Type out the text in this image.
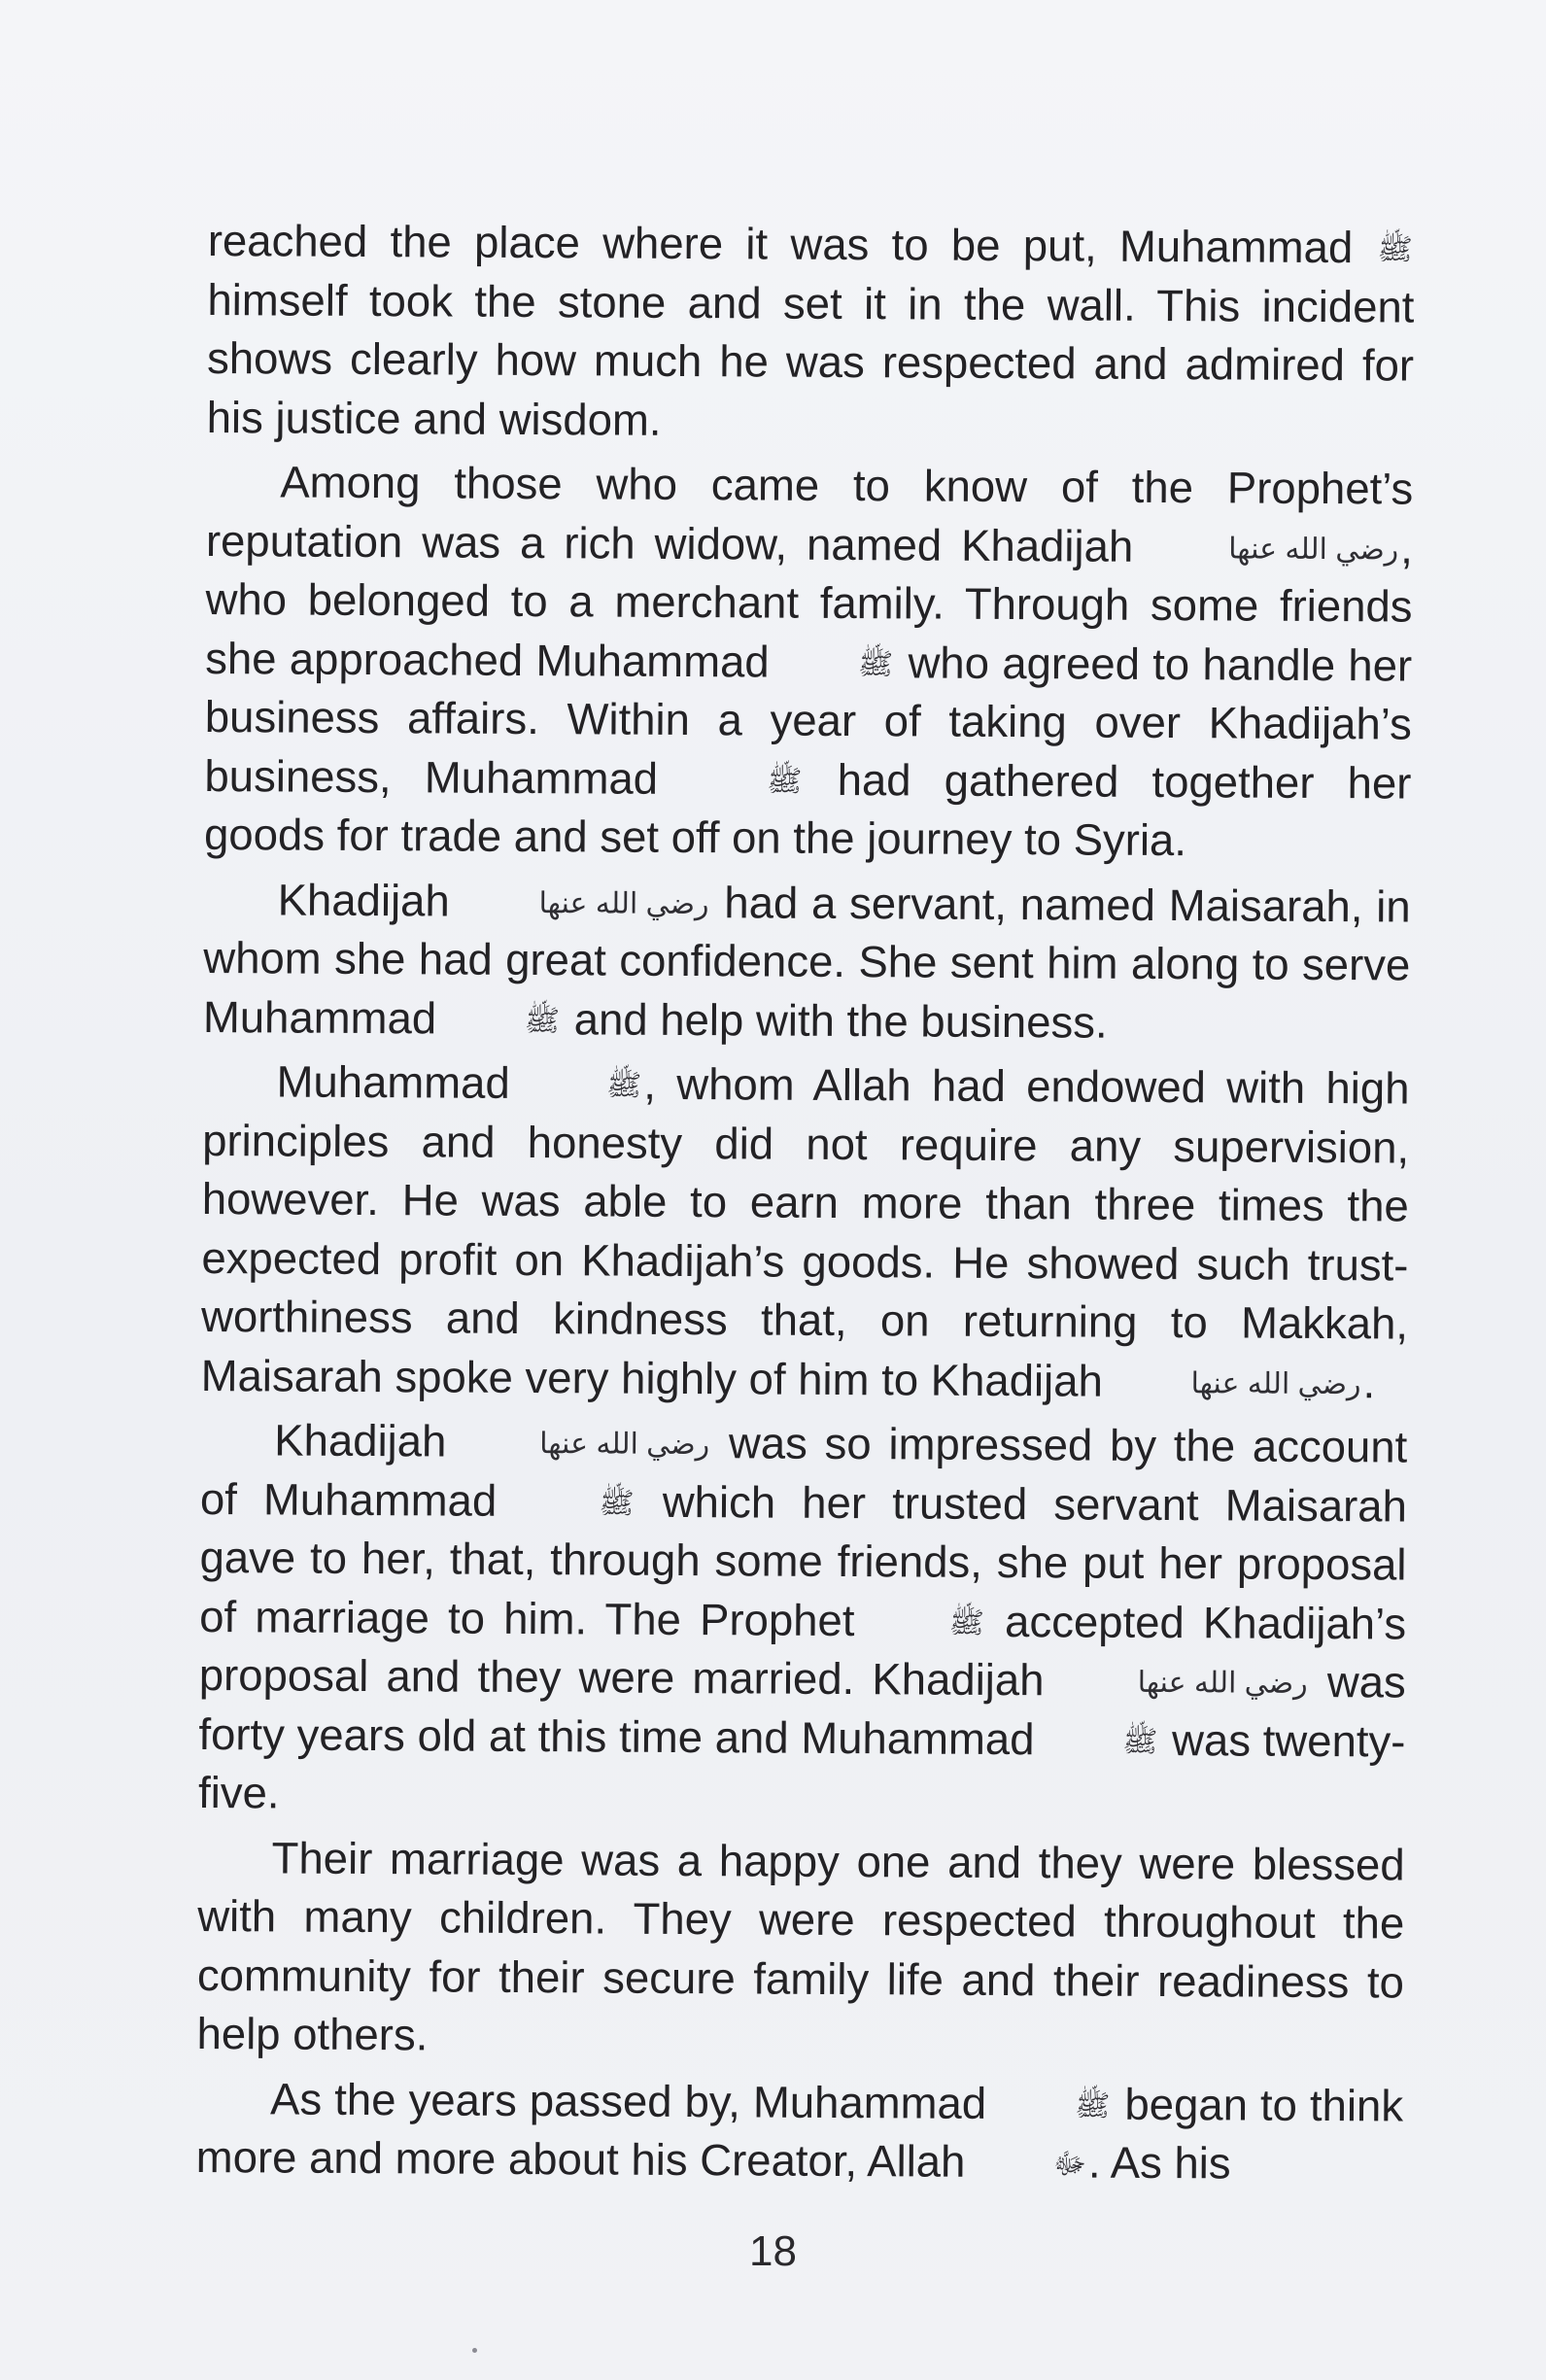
reached the place where it was to be put, Muhammad ﷺ himself took the stone and set it in the wall. This incident shows clearly how much he was respected and admired for his justice and wisdom.

Among those who came to know of the Prophet’s reputation was a rich widow, named Khadijah	رضي الله عنها, who belonged to a merchant family. Through some friends she approached Muhammad	ﷺ who agreed to handle her business affairs. Within a year of taking over Khadijah’s business, Muhammad	ﷺ had gathered together her goods for trade and set off on the journey to Syria.

Khadijah	رضي الله عنها had a servant, named Maisarah, in whom she had great confidence. She sent him along to serve Muhammad	ﷺ and help with the business.

Muhammad	ﷺ, whom Allah had endowed with high principles and honesty did not require any supervision, however. He was able to earn more than three times the expected profit on Khadijah’s goods. He showed such trust-worthiness and kindness that, on returning to Makkah, Maisarah spoke very highly of him to Khadijah	رضي الله عنها.

Khadijah	رضي الله عنها was so impressed by the account of Muhammad	ﷺ which her trusted servant Maisarah gave to her, that, through some friends, she put her proposal of marriage to him. The Prophet	ﷺ accepted Khadijah’s proposal and they were married. Khadijah	رضي الله عنها was forty years old at this time and Muhammad	ﷺ was twenty-five.

Their marriage was a happy one and they were blessed with many children. They were respected throughout the community for their secure family life and their readiness to help others.

As the years passed by, Muhammad	ﷺ began to think more and more about his Creator, Allah	ﷻ. As his

18
